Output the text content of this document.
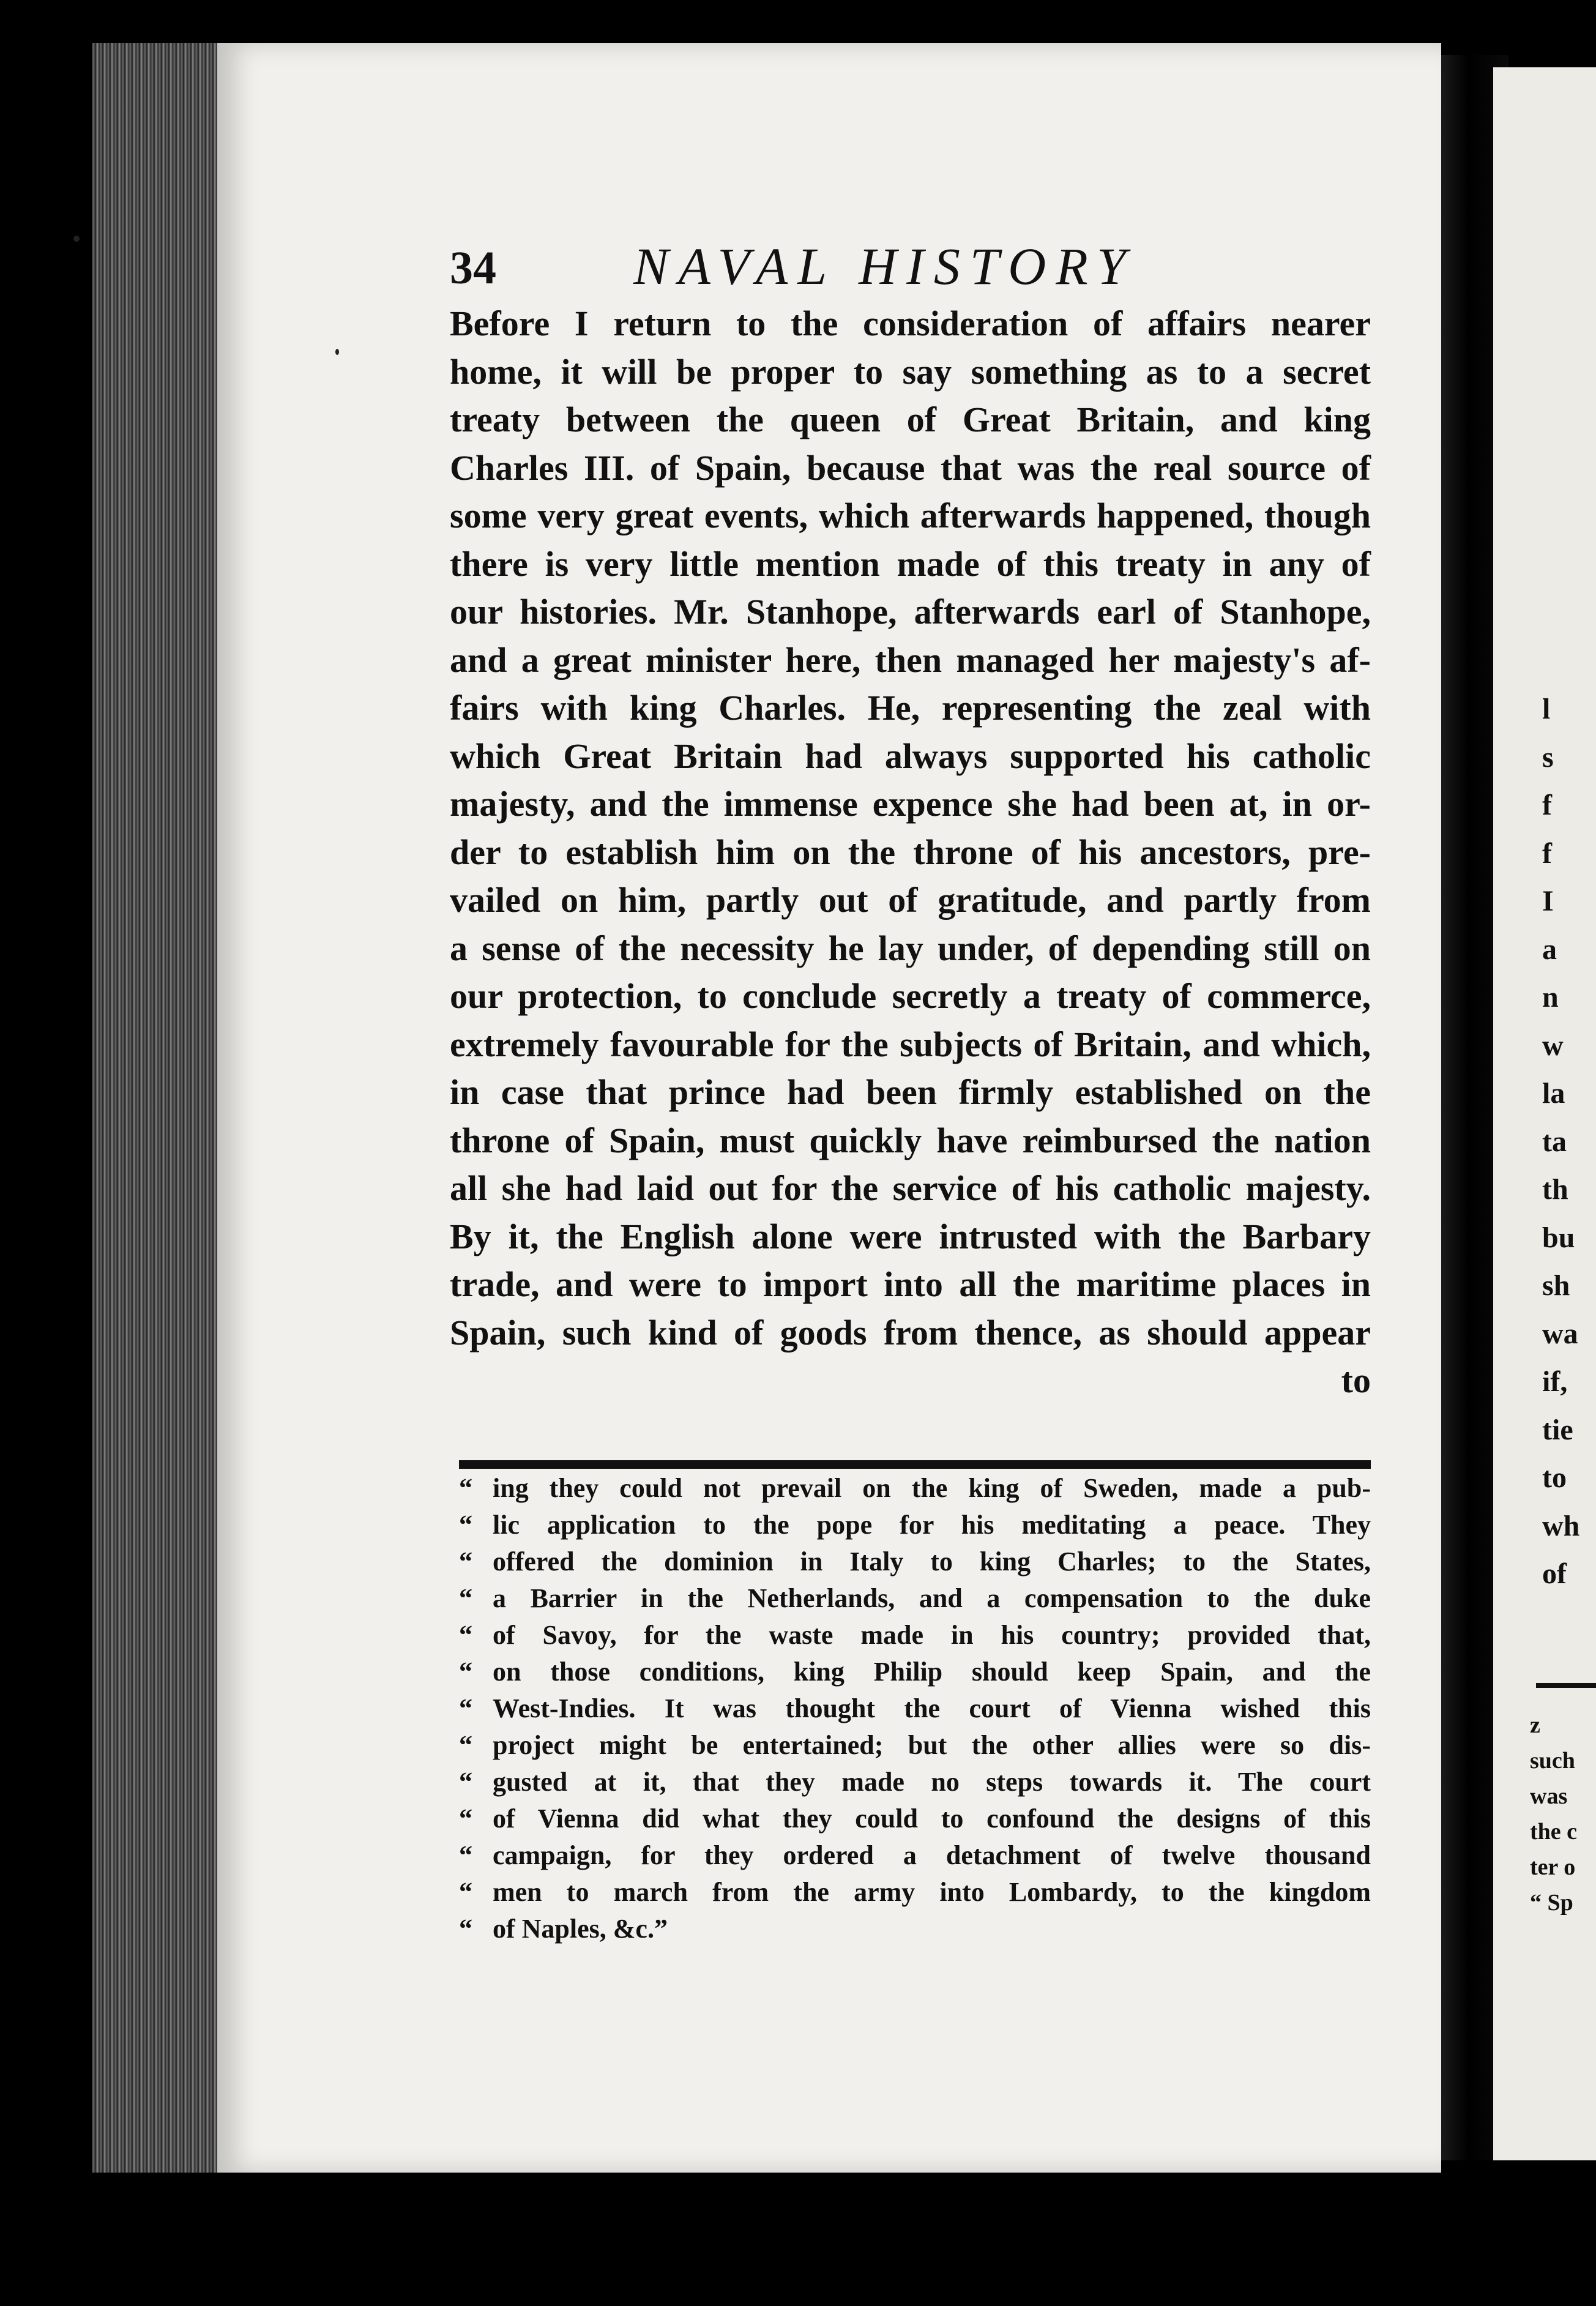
34	NAVAL HISTORY
Before I return to the consideration of affairs nearer
home, it will be proper to say something as to a secret
treaty between the queen of Great Britain, and king
Charles III. of Spain, because that was the real source of
some very great events, which afterwards happened, though
there is very little mention made of this treaty in any of
our histories. Mr. Stanhope, afterwards earl of Stanhope,
and a great minister here, then managed her majesty's af-
fairs with king Charles. He, representing the zeal with
which Great Britain had always supported his catholic
majesty, and the immense expence she had been at, in or-
der to establish him on the throne of his ancestors, pre-
vailed on him, partly out of gratitude, and partly from
a sense of the necessity he lay under, of depending still on
our protection, to conclude secretly a treaty of commerce,
extremely favourable for the subjects of Britain, and which,
in case that prince had been firmly established on the
throne of Spain, must quickly have reimbursed the nation
all she had laid out for the service of his catholic majesty.
By it, the English alone were intrusted with the Barbary
trade, and were to import into all the maritime places in
Spain, such kind of goods from thence, as should appear
to
“ ing they could not prevail on the king of Sweden, made a pub-
“ lic application to the pope for his meditating a peace. They
“ offered the dominion in Italy to king Charles; to the States,
“ a Barrier in the Netherlands, and a compensation to the duke
“ of Savoy, for the waste made in his country; provided that,
“ on those conditions, king Philip should keep Spain, and the
“ West-Indies. It was thought the court of Vienna wished this
“ project might be entertained; but the other allies were so dis-
“ gusted at it, that they made no steps towards it. The court
“ of Vienna did what they could to confound the designs of this
“ campaign, for they ordered a detachment of twelve thousand
“ men to march from the army into Lombardy, to the kingdom
“ of Naples, &c.”
l
s
f
f
I
a
n
w
la
ta
th
bu
sh
wa
if,
tie
to
wh
of
z
such
was
the c
ter o
“ Sp
